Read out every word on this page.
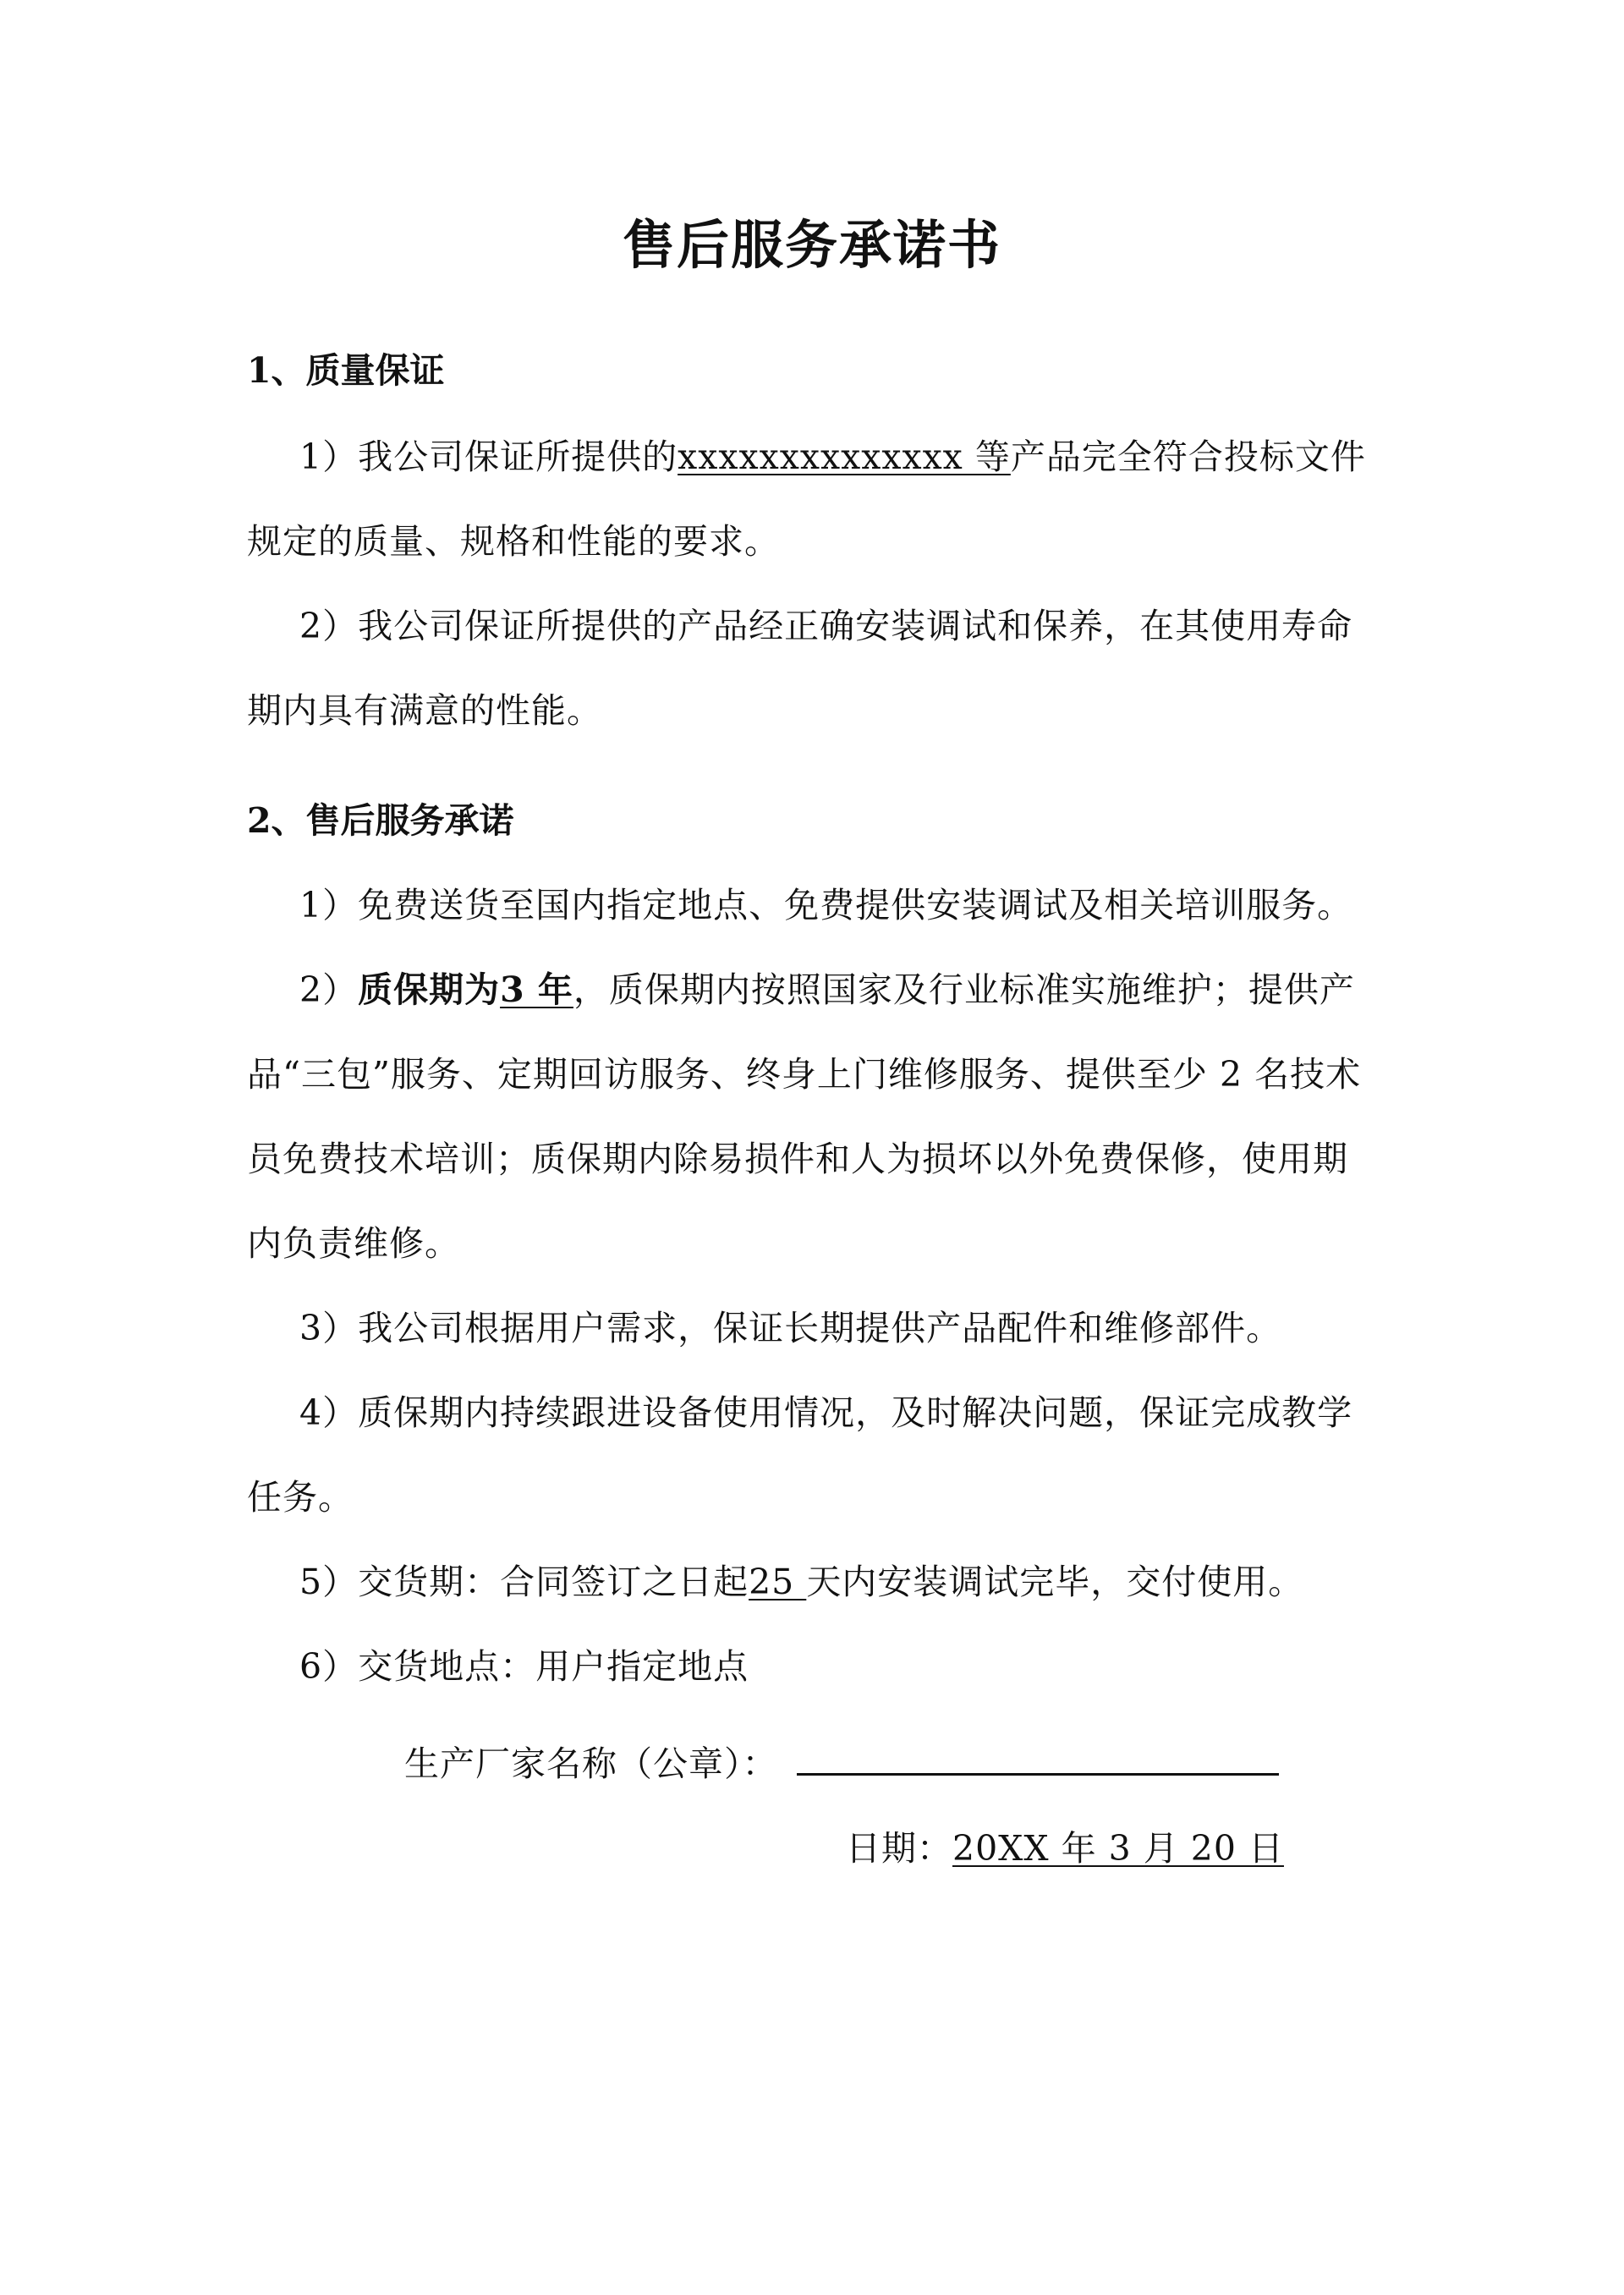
售后服务承诺书
1、质量保证

1）我公司保证所提供的xxxxxxxxxxxxxx 等产品完全符合投标文件规定的质量、规格和性能的要求。

2）我公司保证所提供的产品经正确安装调试和保养，在其使用寿命期内具有满意的性能。

2、售后服务承诺

1）免费送货至国内指定地点、免费提供安装调试及相关培训服务。

2）质保期为3 年，质保期内按照国家及行业标准实施维护；提供产品“三包”服务、定期回访服务、终身上门维修服务、提供至少 2 名技术员免费技术培训；质保期内除易损件和人为损坏以外免费保修，使用期内负责维修。

3）我公司根据用户需求，保证长期提供产品配件和维修部件。

4）质保期内持续跟进设备使用情况，及时解决问题，保证完成教学任务。

5）交货期：合同签订之日起25 天内安装调试完毕，交付使用。

6）交货地点：用户指定地点

生产厂家名称（公章）：
日期：20XX 年 3 月 20 日
